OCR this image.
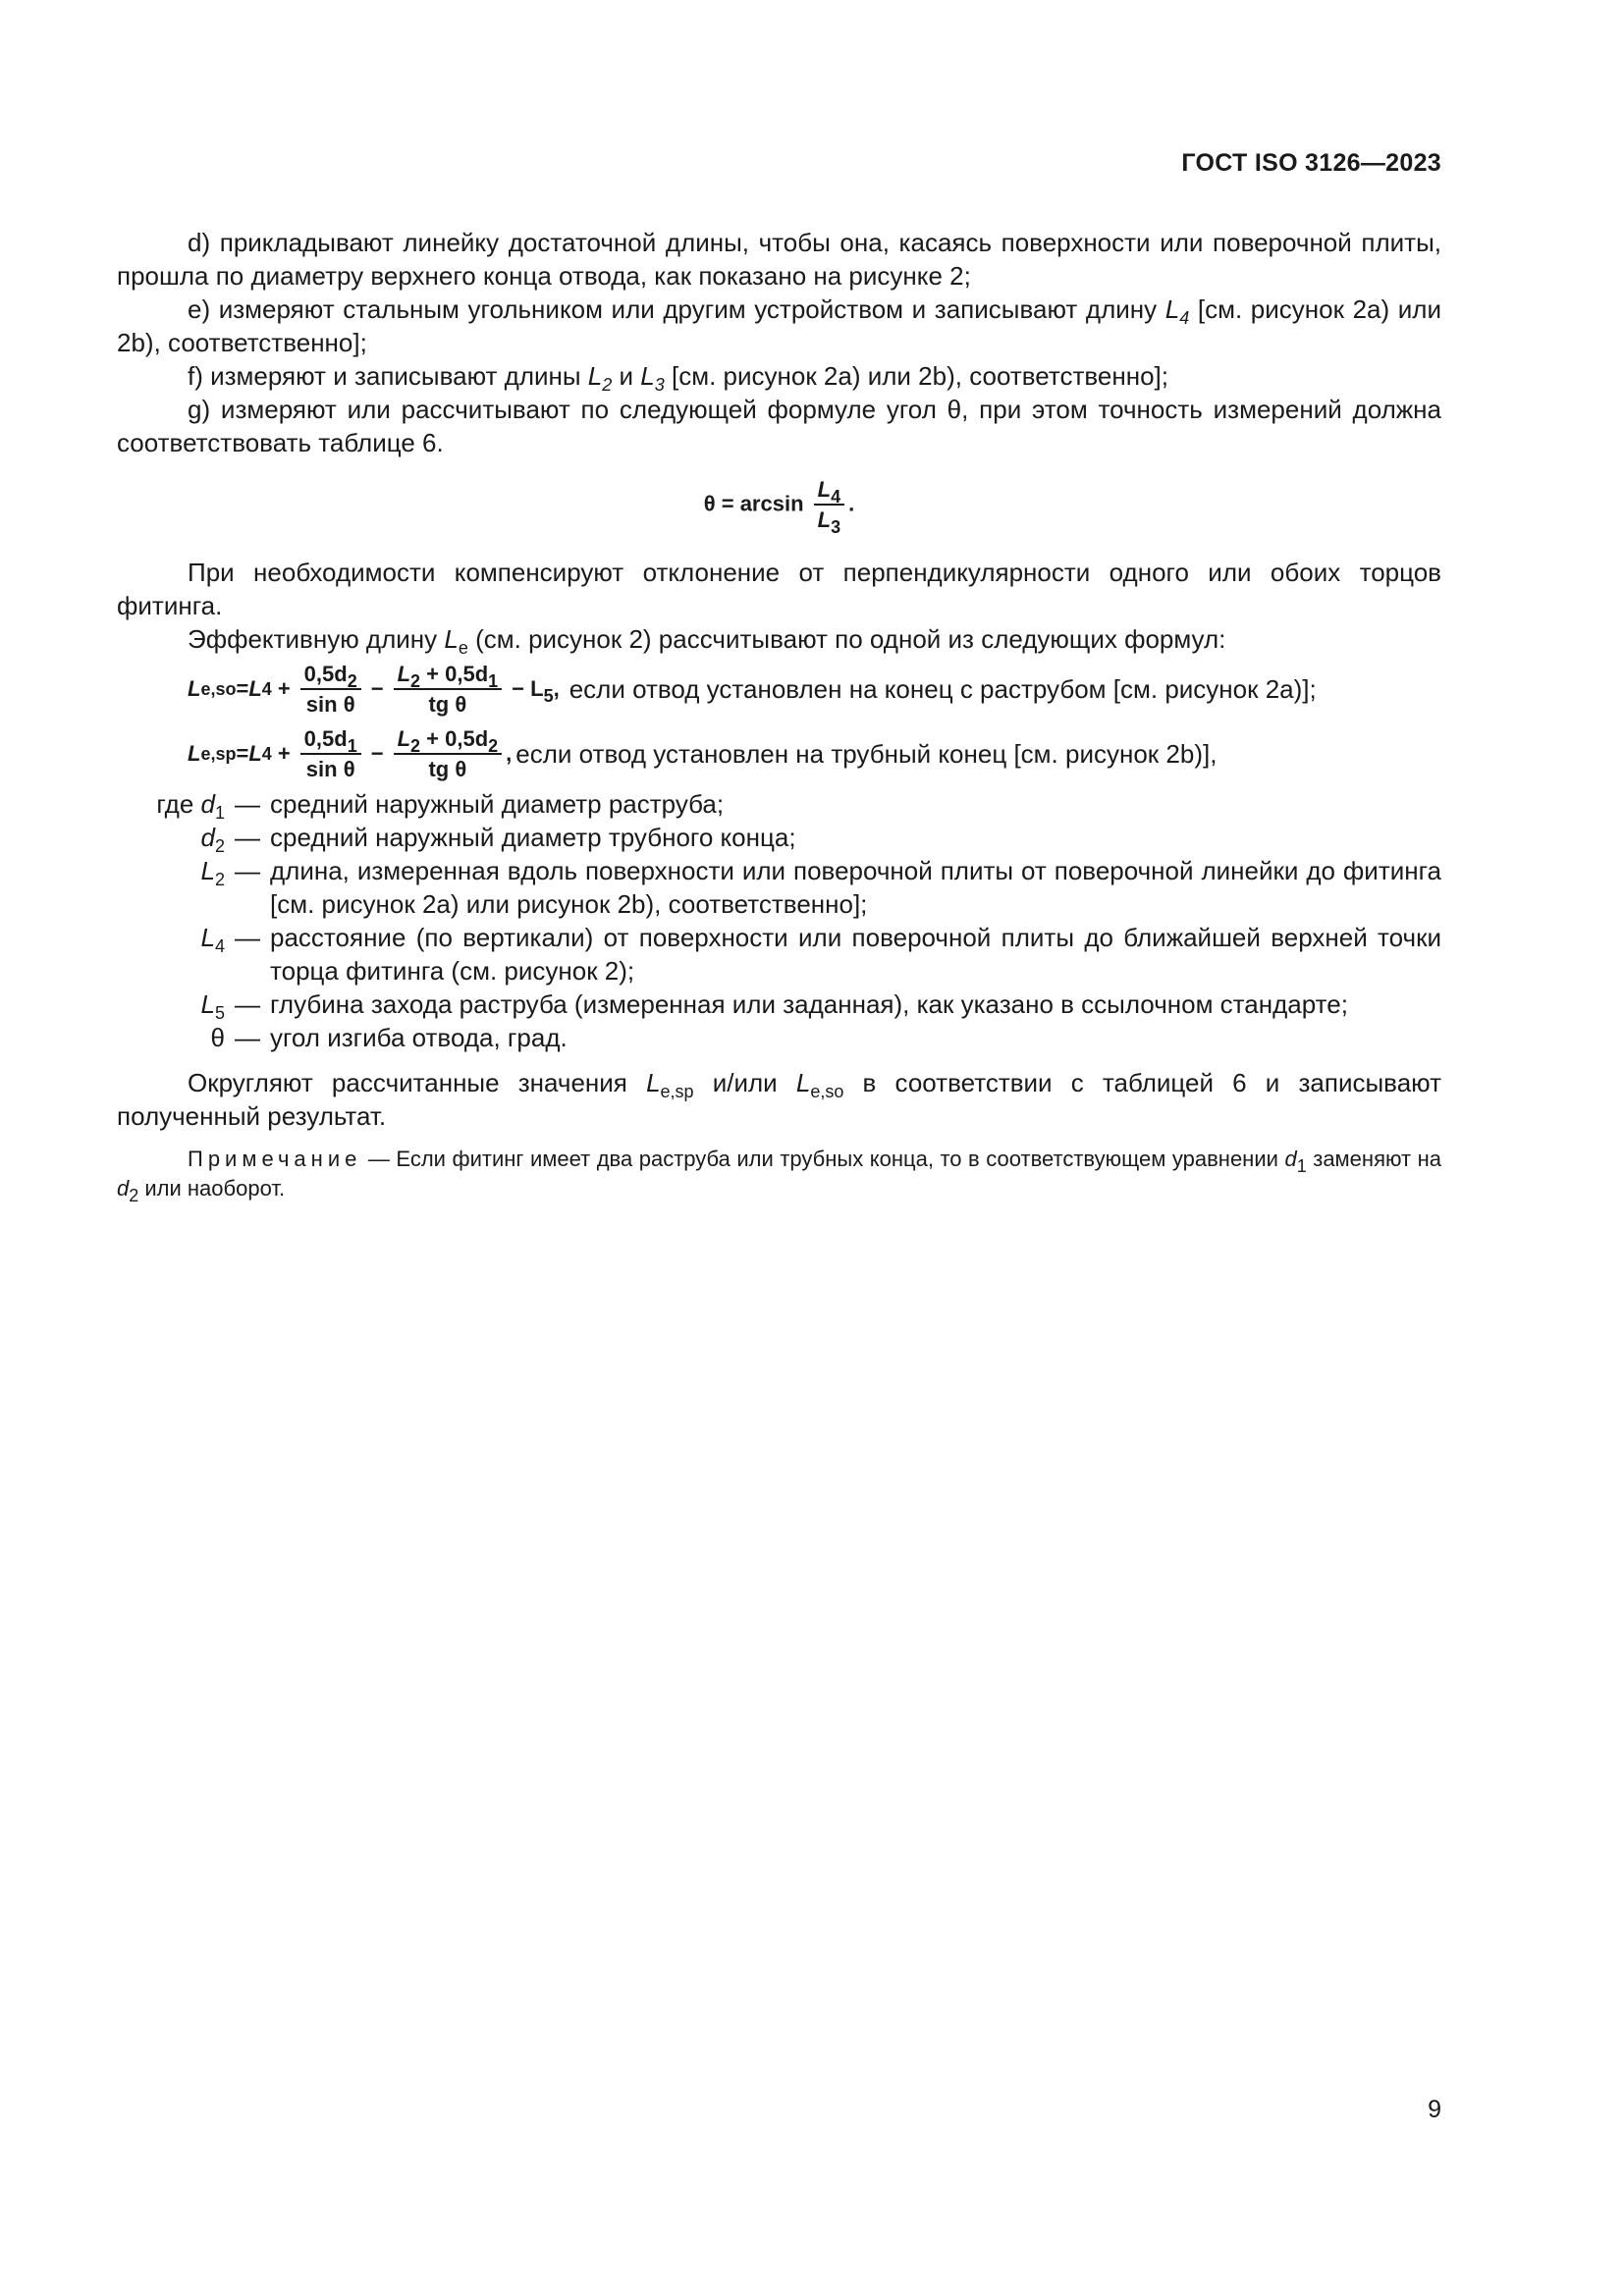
ГОСТ ISO 3126—2023

d) прикладывают линейку достаточной длины, чтобы она, касаясь поверхности или поверочной плиты, прошла по диаметру верхнего конца отвода, как показано на рисунке 2;

e) измеряют стальным угольником или другим устройством и записывают длину $L_4$ [см. рисунок 2a) или 2b), соответственно];

f) измеряют и записывают длины $L_2$ и $L_3$ [см. рисунок 2a) или 2b), соответственно];

g) измеряют или рассчитывают по следующей формуле угол θ, при этом точность измерений должна соответствовать таблице 6.

$\theta = \arcsin \frac{L_4}{L_3}$ .

При необходимости компенсируют отклонение от перпендикулярности одного или обоих торцов фитинга.

Эффективную длину $L_e$ (см. рисунок 2) рассчитывают по одной из следующих формул:

L e,so = L $4 + \frac{0,5d_2}{\text{sin θ}} - \frac{L_2 + 0,5d_1}{\text{tg θ}} - L_5$, если отвод установлен на конец с раструбом [см. рисунок 2a)];
L e,sp = L $4 + \frac{0,5d_1}{\text{sin θ}} - \frac{L_2 + 0,5d_2}{\text{tg θ}}$ , если отвод установлен на трубный конец [см. рисунок 2b)],
где $d_1$ — средний наружный диаметр раструба;
$d_2$ — средний наружный диаметр трубного конца;
$L_2$ — длина, измеренная вдоль поверхности или поверочной плиты от поверочной линейки до фитинга [см. рисунок 2a) или рисунок 2b), соответственно];
$L_4$ — расстояние (по вертикали) от поверхности или поверочной плиты до ближайшей верхней точки торца фитинга (см. рисунок 2);
$L_5$ — глубина захода раструба (измеренная или заданная), как указано в ссылочном стандарте;
θ — угол изгиба отвода, град.

Округляют рассчитанные значения $L_{e,sp}$ и/или $L_{e,so}$ в соответствии с таблицей 6 и записывают полученный результат.

Примечание — Если фитинг имеет два раструба или трубных конца, то в соответствующем уравнении $d_1$ заменяют на $d_2$ или наоборот.

9
